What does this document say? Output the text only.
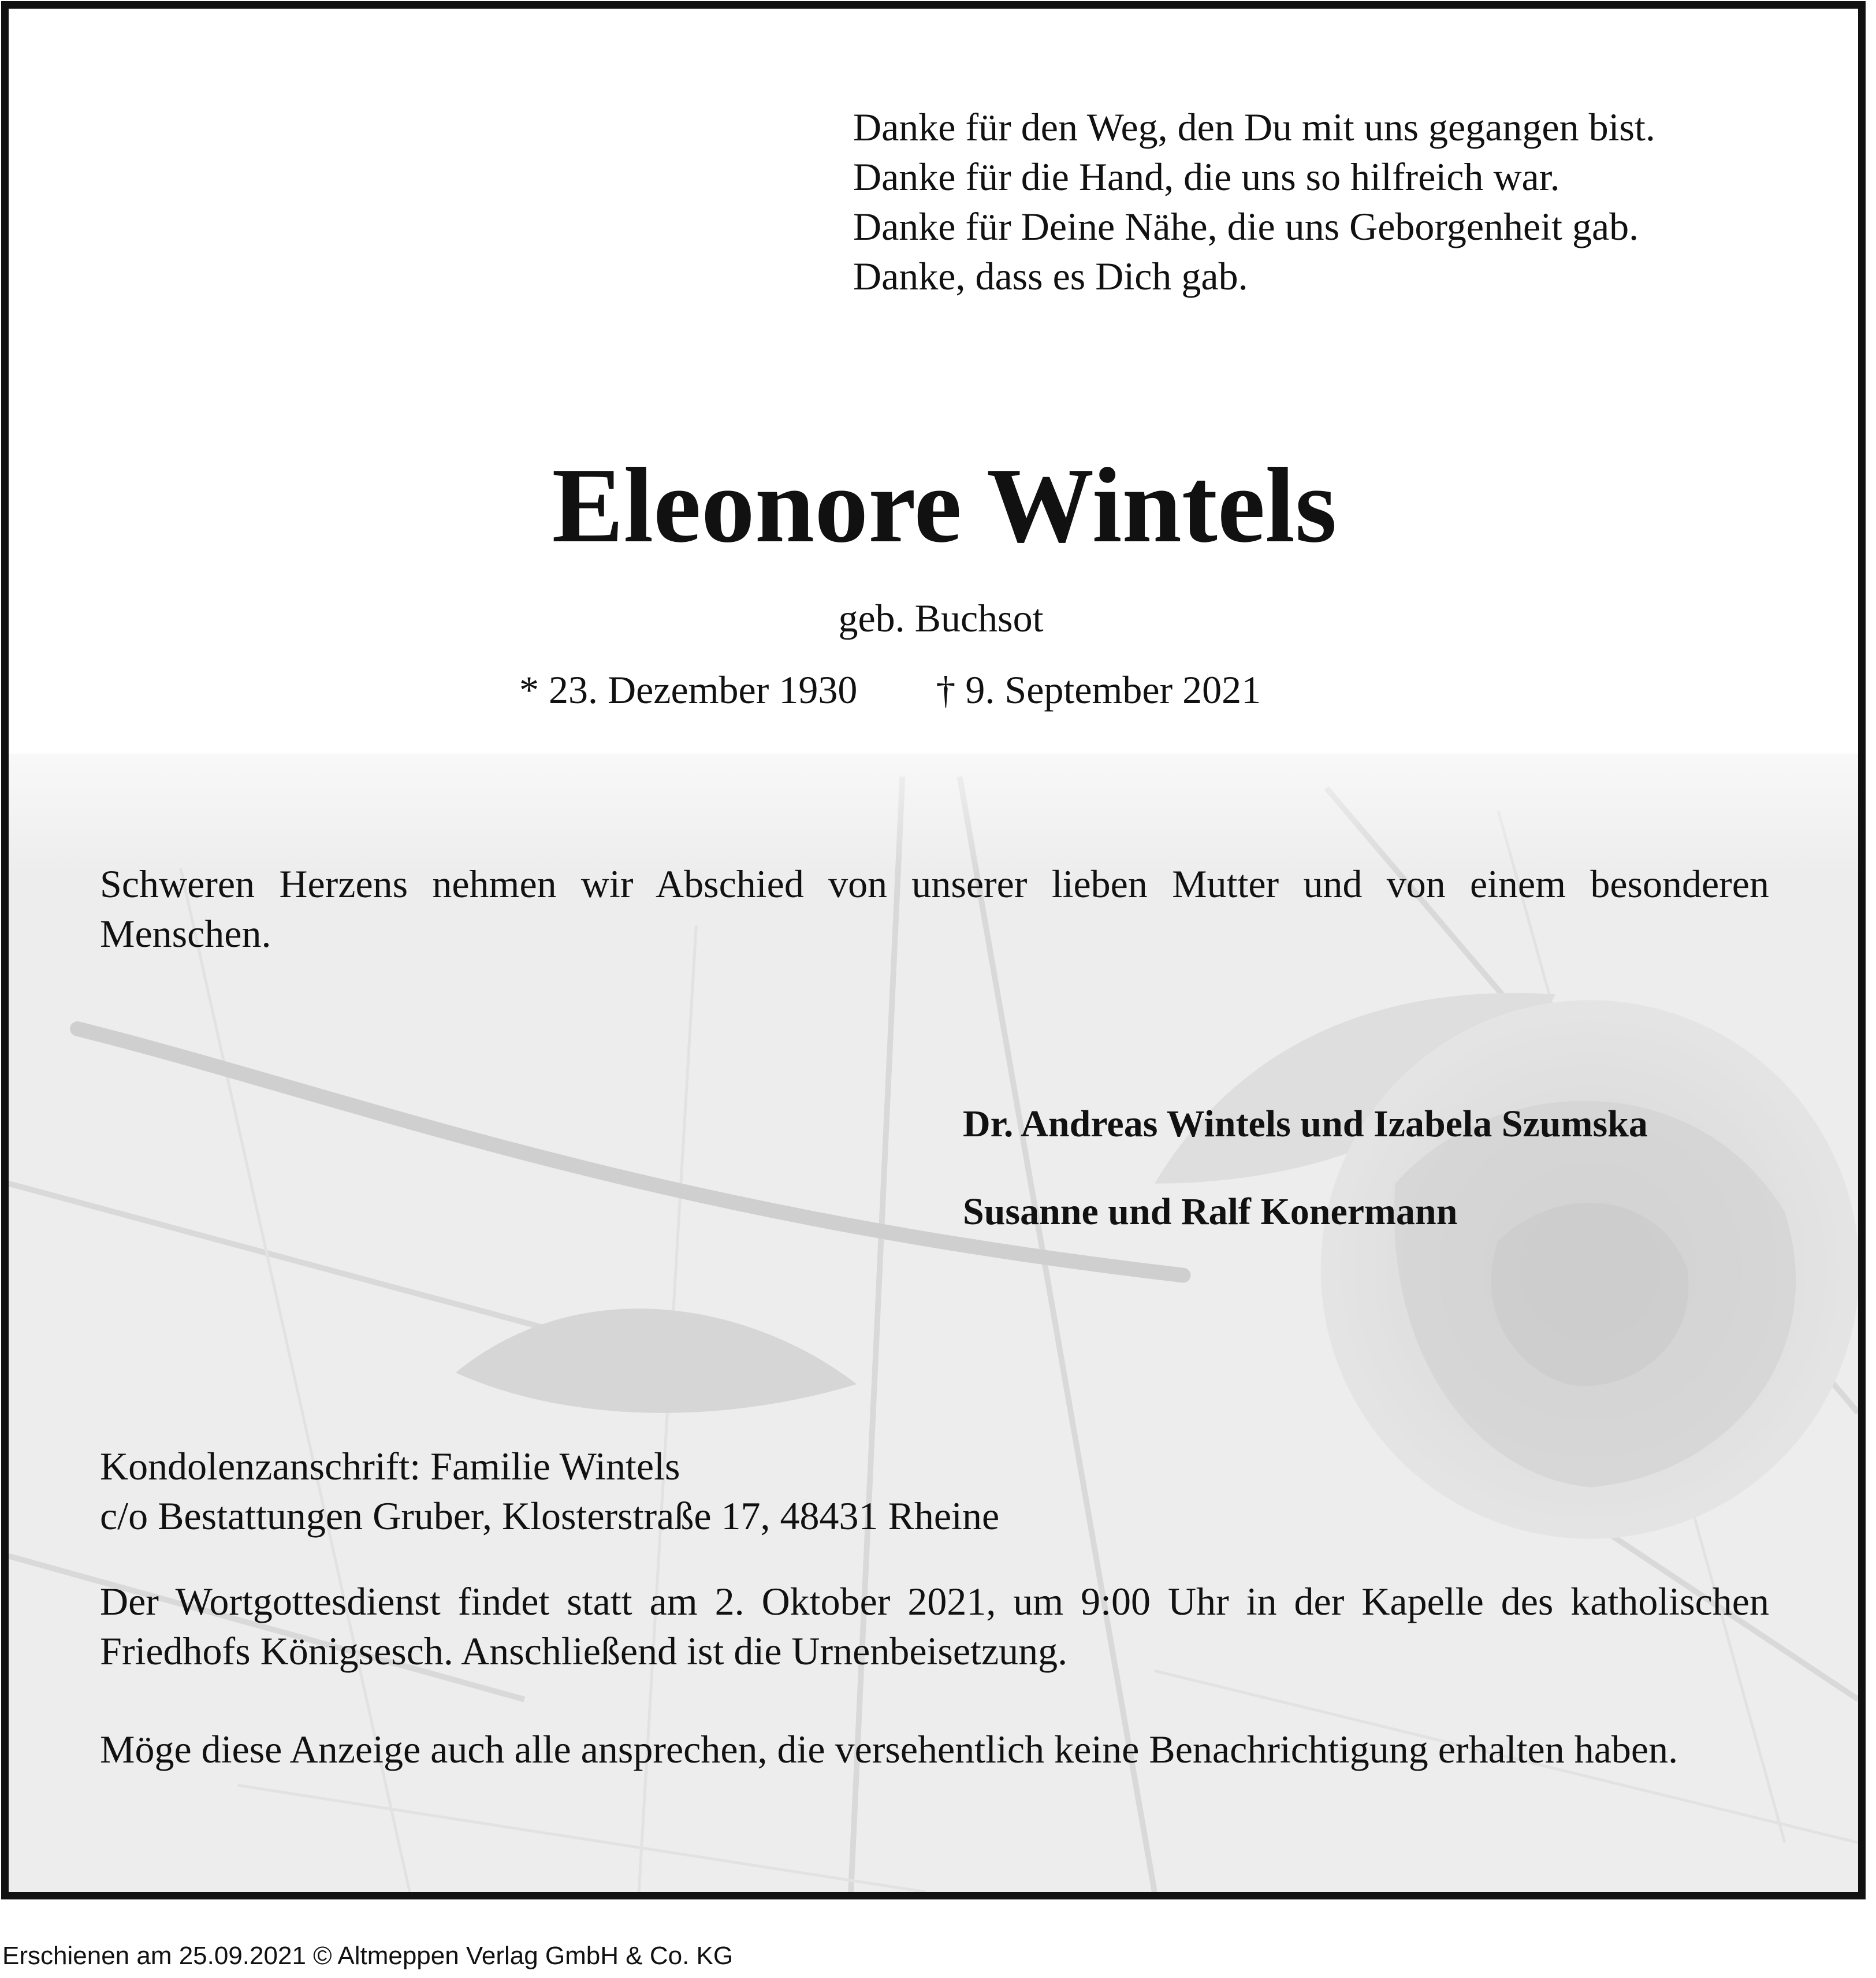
Danke für den Weg, den Du mit uns gegangen bist.
Danke für die Hand, die uns so hilfreich war.
Danke für Deine Nähe, die uns Geborgenheit gab.
Danke, dass es Dich gab.
Eleonore Wintels
geb. Buchsot
* 23. Dezember 1930 † 9. September 2021
Schweren Herzens nehmen wir Abschied von unserer lieben Mutter und von einem besonderen Menschen.
Dr. Andreas Wintels und Izabela Szumska
Susanne und Ralf Konermann
Kondolenzanschrift: Familie Wintels
c/o Bestattungen Gruber, Klosterstraße 17, 48431 Rheine
Der Wortgottesdienst findet statt am 2. Oktober 2021, um 9:00 Uhr in der Kapelle des katholischen Friedhofs Königsesch. Anschließend ist die Urnenbeisetzung.
Möge diese Anzeige auch alle ansprechen, die versehentlich keine Benachrichtigung erhalten haben.
Erschienen am 25.09.2021 © Altmeppen Verlag GmbH & Co. KG
